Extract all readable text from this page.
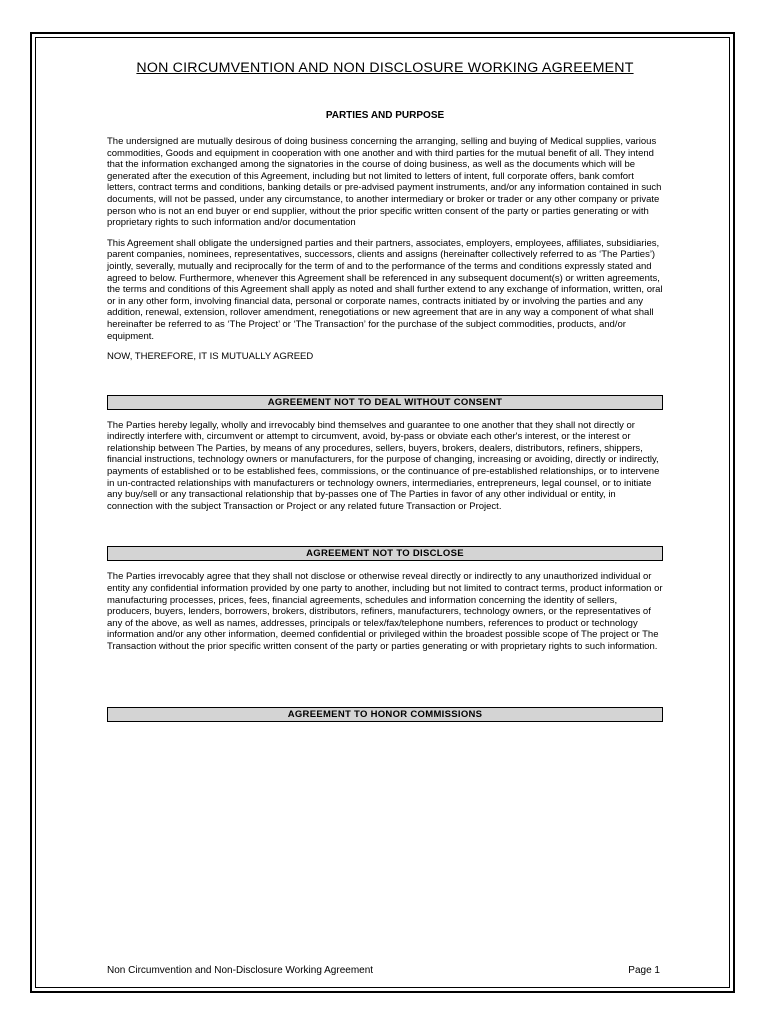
NON CIRCUMVENTION AND NON DISCLOSURE WORKING AGREEMENT
PARTIES AND PURPOSE

The undersigned are mutually desirous of doing business concerning the arranging, selling and buying of Medical supplies, various commodities, Goods and equipment in cooperation with one another and with third parties for the mutual benefit of all. They intend that the information exchanged among the signatories in the course of doing business, as well as the documents which will be generated after the execution of this Agreement, including but not limited to letters of intent, full corporate offers, bank comfort letters, contract terms and conditions, banking details or pre-advised payment instruments, and/or any information contained in such documents, will not be passed, under any circumstance, to another intermediary or broker or trader or any other company or private person who is not an end buyer or end supplier, without the prior specific written consent of the party or parties generating or with proprietary rights to such information and/or documentation

This Agreement shall obligate the undersigned parties and their partners, associates, employers, employees, affiliates, subsidiaries, parent companies, nominees, representatives, successors, clients and assigns (hereinafter collectively referred to as ‘The Parties’) jointly, severally, mutually and reciprocally for the term of and to the performance of the terms and conditions expressly stated and agreed to below. Furthermore, whenever this Agreement shall be referenced in any subsequent document(s) or written agreements, the terms and conditions of this Agreement shall apply as noted and shall further extend to any exchange of information, written, oral or in any other form, involving financial data, personal or corporate names, contracts initiated by or involving the parties and any addition, renewal, extension, rollover amendment, renegotiations or new agreement that are in any way a component of what shall hereinafter be referred to as ‘The Project’ or ‘The Transaction’ for the purchase of the subject commodities, products, and/or equipment.

NOW, THEREFORE, IT IS MUTUALLY AGREED

AGREEMENT NOT TO DEAL WITHOUT CONSENT

The Parties hereby legally, wholly and irrevocably bind themselves and guarantee to one another that they shall not directly or indirectly interfere with, circumvent or attempt to circumvent, avoid, by-pass or obviate each other's interest, or the interest or relationship between The Parties, by means of any procedures, sellers, buyers, brokers, dealers, distributors, refiners, shippers, financial instructions, technology owners or manufacturers, for the purpose of changing, increasing or avoiding, directly or indirectly, payments of established or to be established fees, commissions, or the continuance of pre-established relationships, or to intervene in un-contracted relationships with manufacturers or technology owners, intermediaries, entrepreneurs, legal counsel, or to initiate any buy/sell or any transactional relationship that by-passes one of The Parties in favor of any other individual or entity, in connection with the subject Transaction or Project or any related future Transaction or Project.

AGREEMENT NOT TO DISCLOSE

The Parties irrevocably agree that they shall not disclose or otherwise reveal directly or indirectly to any unauthorized individual or entity any confidential information provided by one party to another, including but not limited to contract terms, product information or manufacturing processes, prices, fees, financial agreements, schedules and information concerning the identity of sellers, producers, buyers, lenders, borrowers, brokers, distributors, refiners, manufacturers, technology owners, or the representatives of any of the above, as well as names, addresses, principals or telex/fax/telephone numbers, references to product or technology information and/or any other information, deemed confidential or privileged within the broadest possible scope of The project or The Transaction without the prior specific written consent of the party or parties generating or with proprietary rights to such information.

AGREEMENT TO HONOR COMMISSIONS
Non Circumvention and Non-Disclosure Working Agreement	Page 1
